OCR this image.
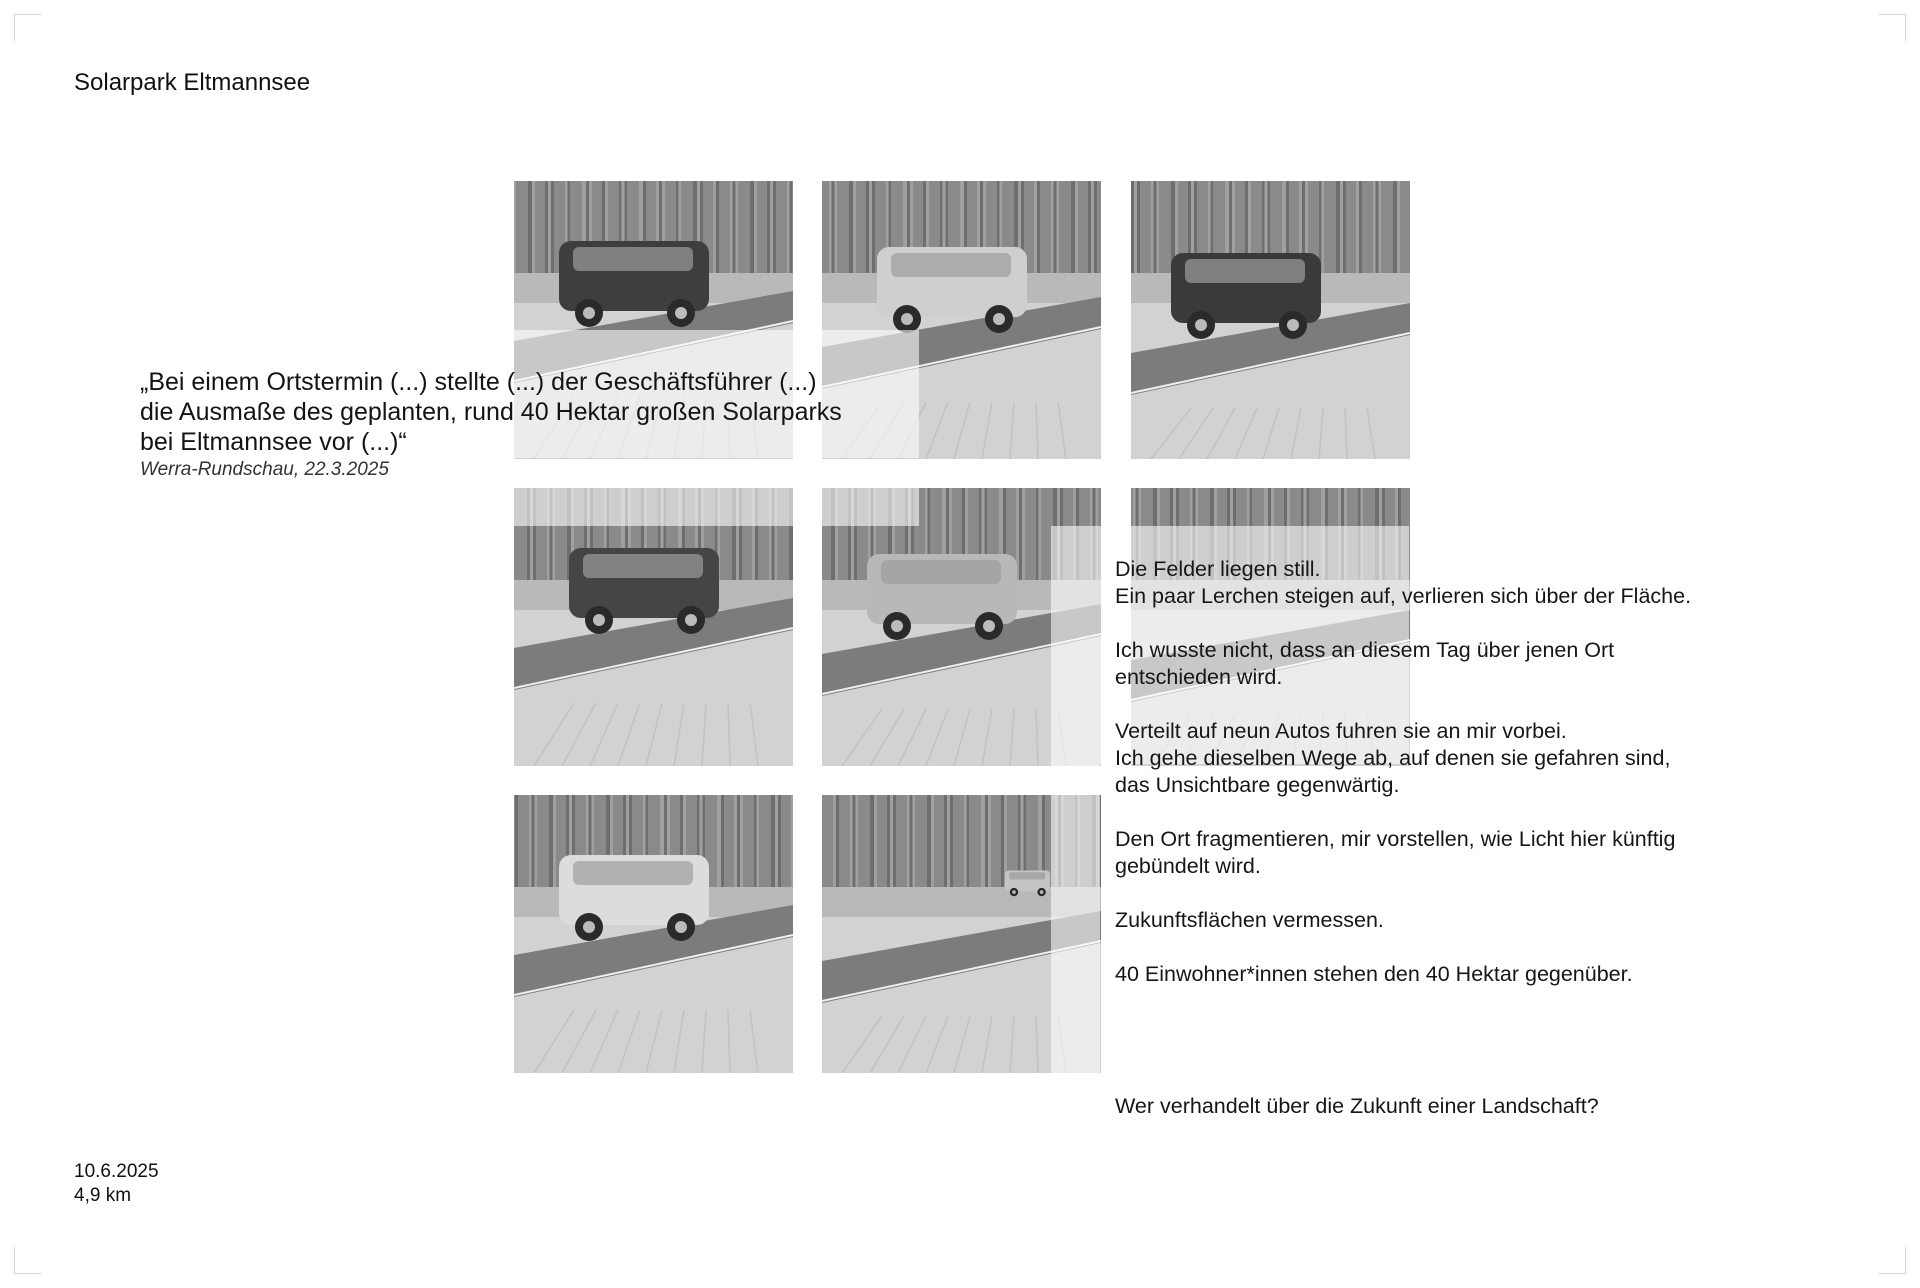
Solarpark Eltmannsee

„Bei einem Ortstermin (...) stellte (...) der Geschäftsführer (...)
die Ausmaße des geplanten, rund 40 Hektar großen Solarparks
bei Eltmannsee vor (...)“

Werra-Rundschau, 22.3.2025

Die Felder liegen still.
Ein paar Lerchen steigen auf, verlieren sich über der Fläche.

Ich wusste nicht, dass an diesem Tag über jenen Ort
entschieden wird.

Verteilt auf neun Autos fuhren sie an mir vorbei.
Ich gehe dieselben Wege ab, auf denen sie gefahren sind,
das Unsichtbare gegenwärtig.

Den Ort fragmentieren, mir vorstellen, wie Licht hier künftig
gebündelt wird.

Zukunftsflächen vermessen.

40 Einwohner*innen stehen den 40 Hektar gegenüber.

Wer verhandelt über die Zukunft einer Landschaft?
10.6.2025
4,9 km
